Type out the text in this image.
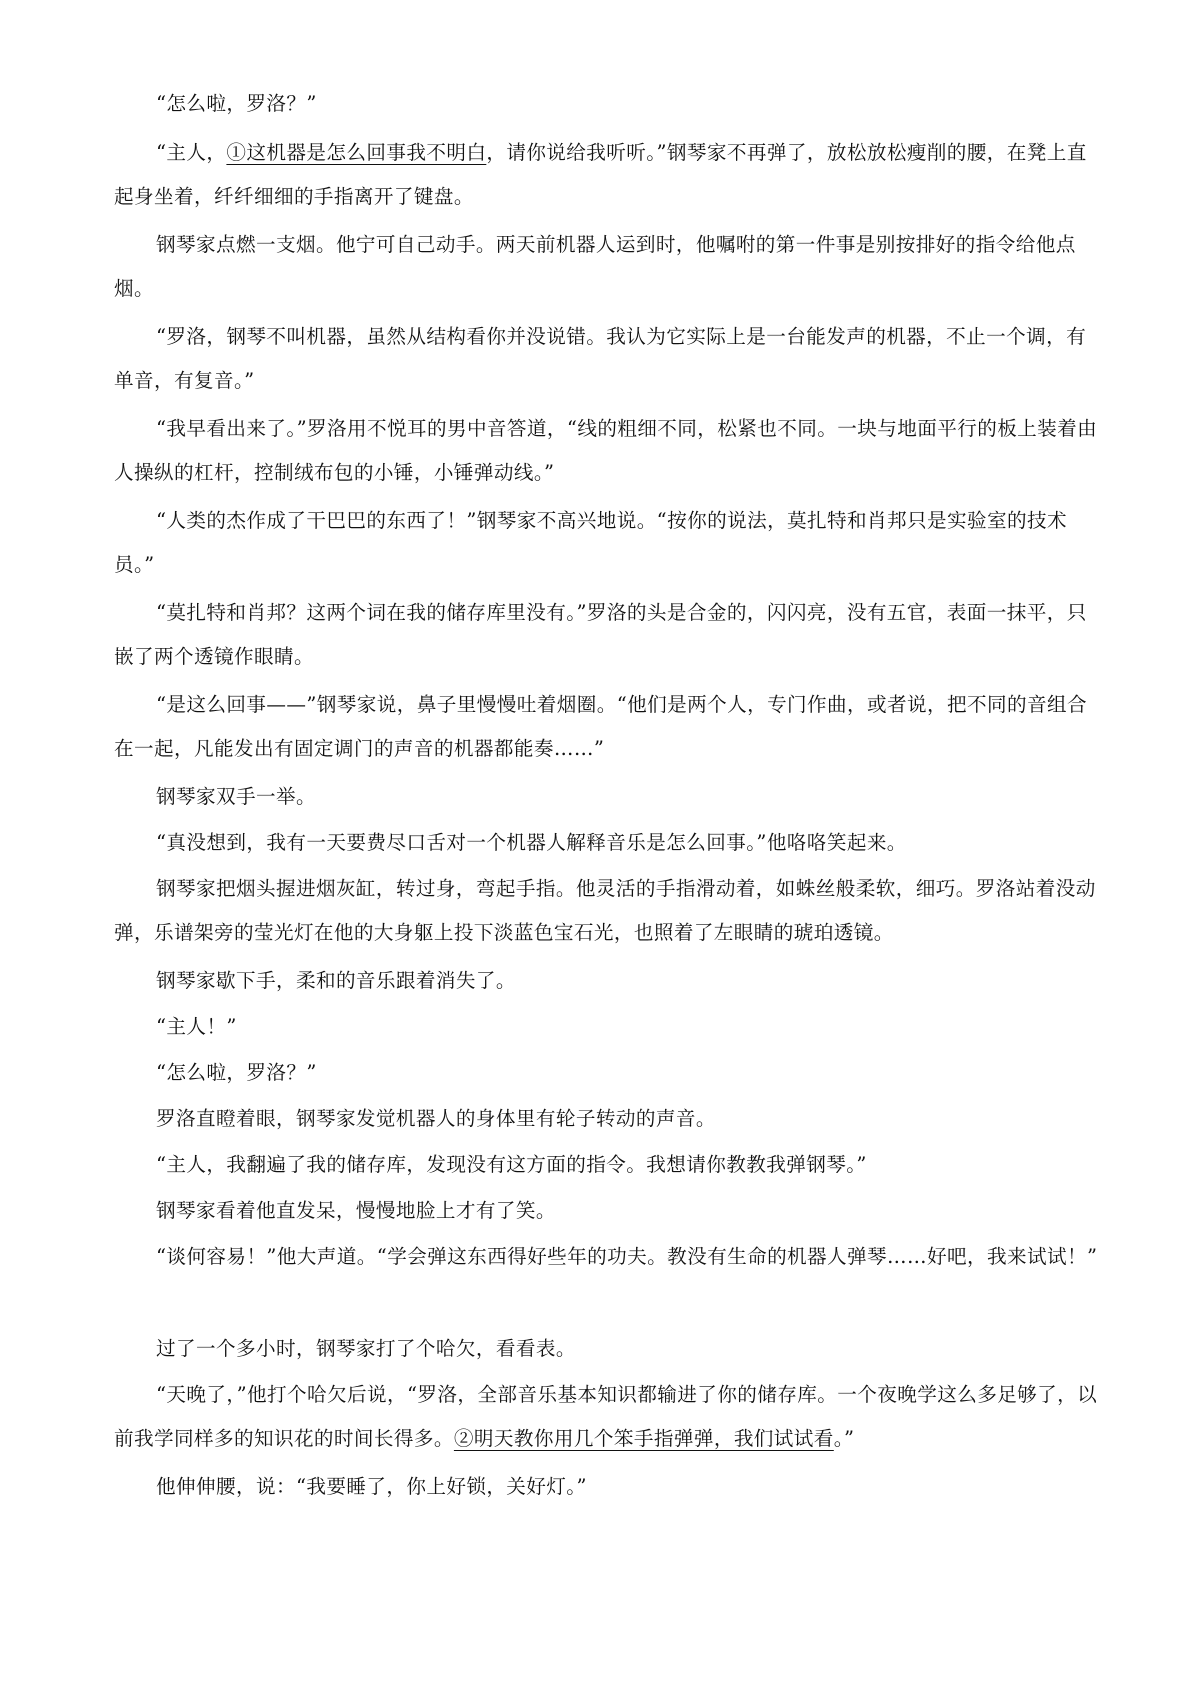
“怎么啦，罗洛？”

“主人，①这机器是怎么回事我不明白，请你说给我听听。”钢琴家不再弹了，放松放松瘦削的腰，在凳上直起身坐着，纤纤细细的手指离开了键盘。

钢琴家点燃一支烟。他宁可自己动手。两天前机器人运到时，他嘱咐的第一件事是别按排好的指令给他点烟。

“罗洛，钢琴不叫机器，虽然从结构看你并没说错。我认为它实际上是一台能发声的机器，不止一个调，有单音，有复音。”

“我早看出来了。”罗洛用不悦耳的男中音答道，“线的粗细不同，松紧也不同。一块与地面平行的板上装着由人操纵的杠杆，控制绒布包的小锤，小锤弹动线。”

“人类的杰作成了干巴巴的东西了！”钢琴家不高兴地说。“按你的说法，莫扎特和肖邦只是实验室的技术员。”

“莫扎特和肖邦？这两个词在我的储存库里没有。”罗洛的头是合金的，闪闪亮，没有五官，表面一抹平，只嵌了两个透镜作眼睛。

“是这么回事——”钢琴家说，鼻子里慢慢吐着烟圈。“他们是两个人，专门作曲，或者说，把不同的音组合在一起，凡能发出有固定调门的声音的机器都能奏……”

钢琴家双手一举。

“真没想到，我有一天要费尽口舌对一个机器人解释音乐是怎么回事。”他咯咯笑起来。

钢琴家把烟头握进烟灰缸，转过身，弯起手指。他灵活的手指滑动着，如蛛丝般柔软，细巧。罗洛站着没动弹，乐谱架旁的莹光灯在他的大身躯上投下淡蓝色宝石光，也照着了左眼睛的琥珀透镜。

钢琴家歇下手，柔和的音乐跟着消失了。

“主人！”

“怎么啦，罗洛？”

罗洛直瞪着眼，钢琴家发觉机器人的身体里有轮子转动的声音。

“主人，我翻遍了我的储存库，发现没有这方面的指令。我想请你教教我弹钢琴。”

钢琴家看着他直发呆，慢慢地脸上才有了笑。

“谈何容易！”他大声道。“学会弹这东西得好些年的功夫。教没有生命的机器人弹琴……好吧，我来试试！”

过了一个多小时，钢琴家打了个哈欠，看看表。

“天晚了，”他打个哈欠后说，“罗洛，全部音乐基本知识都输进了你的储存库。一个夜晚学这么多足够了，以前我学同样多的知识花的时间长得多。②明天教你用几个笨手指弹弹，我们试试看。”

他伸伸腰，说：“我要睡了，你上好锁，关好灯。”
